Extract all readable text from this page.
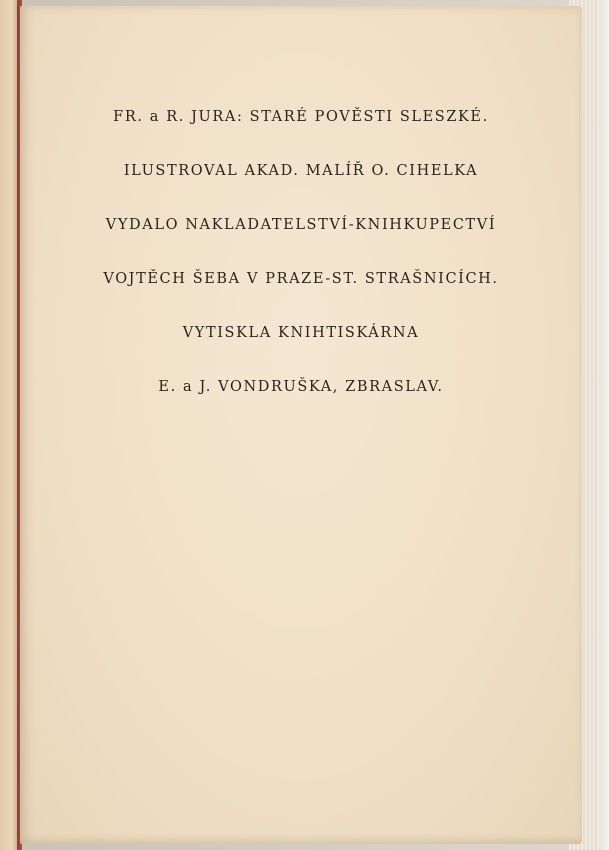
FR. a R. JURA: STARÉ POVĚSTI SLESZKÉ.
ILUSTROVAL AKAD. MALÍŘ O. CIHELKA
VYDALO NAKLADATELSTVÍ-KNIHKUPECTVÍ
VOJTĚCH ŠEBA V PRAZE-ST. STRAŠNICÍCH.
VYTISKLA KNIHTISKÁRNA
E. a J. VONDRUŠKA, ZBRASLAV.
